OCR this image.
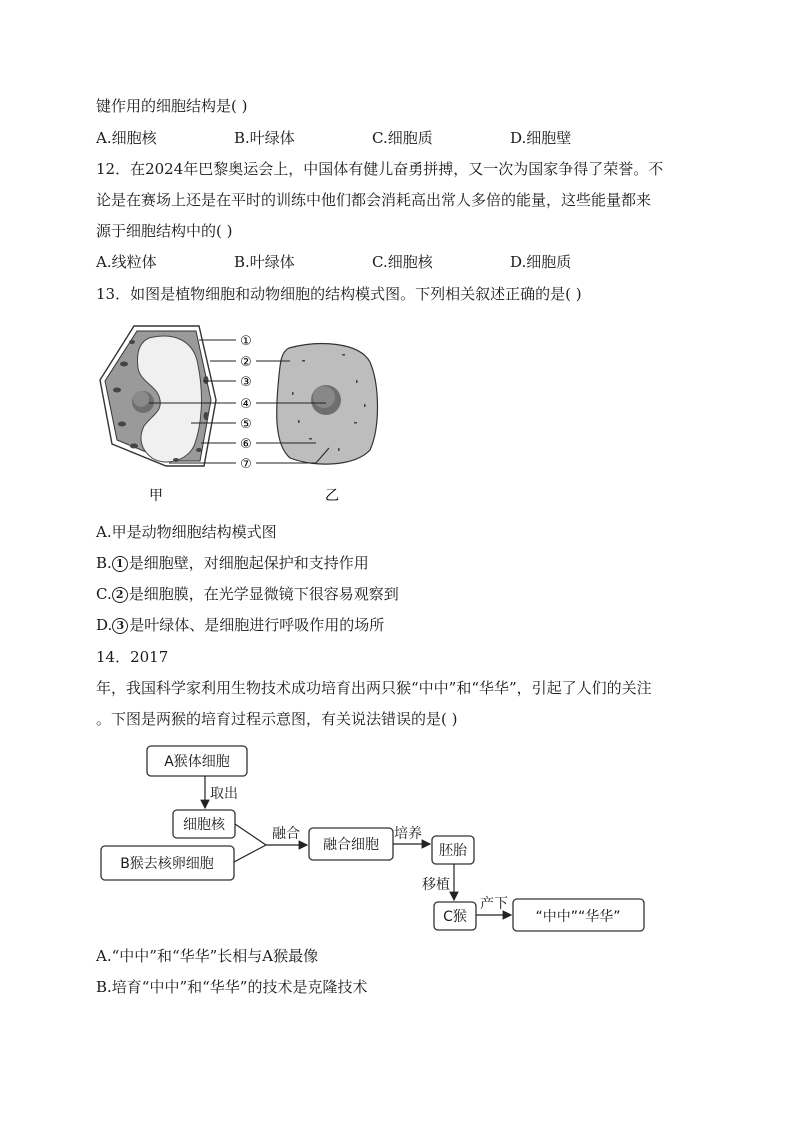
键作用的细胞结构是( )
A.细胞核	B.叶绿体	C.细胞质	D.细胞壁
12．在2024年巴黎奥运会上，中国体有健儿奋勇拼搏，又一次为国家争得了荣誉。不
论是在赛场上还是在平时的训练中他们都会消耗高出常人多倍的能量，这些能量都来
源于细胞结构中的( )
A.线粒体	B.叶绿体	C.细胞核	D.细胞质
13．如图是植物细胞和动物细胞的结构模式图。下列相关叙述正确的是( )
①
②
③
④
⑤
⑥
⑦
甲	乙
A.甲是动物细胞结构模式图
B. 1 是细胞壁，对细胞起保护和支持作用
C. 2 是细胞膜，在光学显微镜下很容易观察到
D. 3 是叶绿体、是细胞进行呼吸作用的场所
14．2017
年，我国科学家利用生物技术成功培育出两只猴“中中”和“华华”，引起了人们的关注
。下图是两猴的培育过程示意图，有关说法错误的是( )
A猴体细胞
取出
细胞核
B猴去核卵细胞
融合
融合细胞
培养
胚胎
移植
C猴
产下
“中中”“华华”
A.“中中”和“华华”长相与A猴最像
B.培育“中中”和“华华”的技术是克隆技术
